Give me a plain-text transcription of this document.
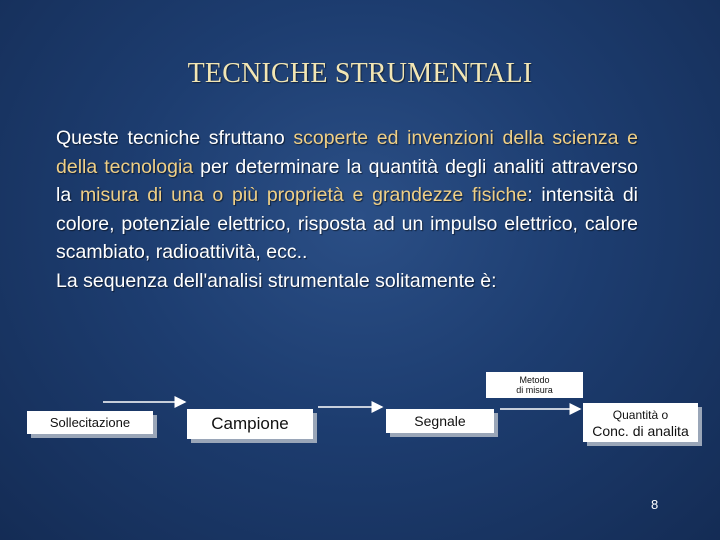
TECNICHE STRUMENTALI

Queste tecniche sfruttano scoperte ed invenzioni della scienza e della tecnologia per determinare la quantità degli analiti attraverso la misura di una o più proprietà e grandezze fisiche: intensità di colore, potenziale elettrico, risposta ad un impulso elettrico, calore scambiato, radioattività, ecc..

La sequenza dell'analisi strumentale solitamente è:

Sollecitazione	Campione	Segnale
Metodo
di misura
Quantità o
Conc. di analita
8
